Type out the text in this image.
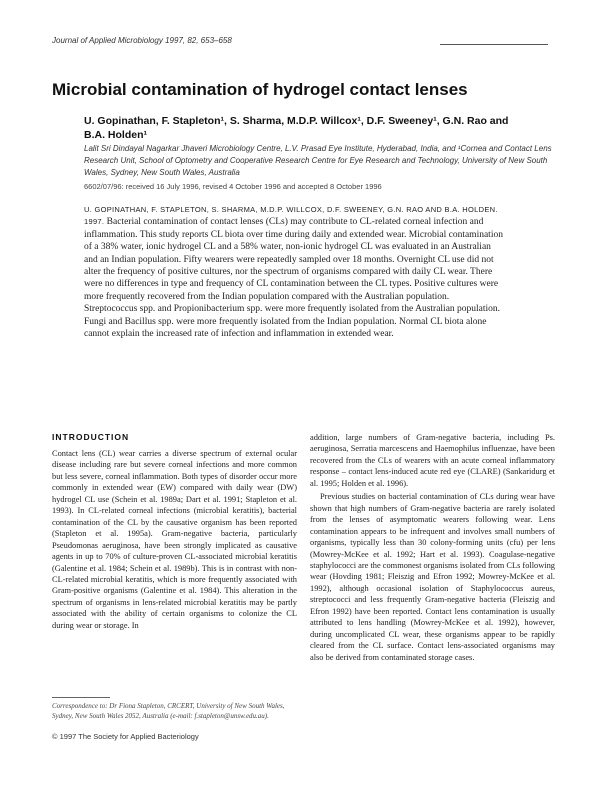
Journal of Applied Microbiology 1997, 82, 653–658
Microbial contamination of hydrogel contact lenses
U. Gopinathan, F. Stapleton¹, S. Sharma, M.D.P. Willcox¹, D.F. Sweeney¹, G.N. Rao and
B.A. Holden¹
Lalit Sri Dindayal Nagarkar Jhaveri Microbiology Centre, L.V. Prasad Eye Institute, Hyderabad, India, and ¹Cornea and Contact Lens Research Unit, School of Optometry and Cooperative Research Centre for Eye Research and Technology, University of New South Wales, Sydney, New South Wales, Australia
6602/07/96: received 16 July 1996, revised 4 October 1996 and accepted 8 October 1996

U. GOPINATHAN, F. STAPLETON, S. SHARMA, M.D.P. WILLCOX, D.F. SWEENEY, G.N. RAO AND B.A. HOLDEN. 1997. Bacterial contamination of contact lenses (CLs) may contribute to CL-related corneal infection and inflammation. This study reports CL biota over time during daily and extended wear. Microbial contamination of a 38% water, ionic hydrogel CL and a 58% water, non-ionic hydrogel CL was evaluated in an Australian and an Indian population. Fifty wearers were repeatedly sampled over 18 months. Overnight CL use did not alter the frequency of positive cultures, nor the spectrum of organisms compared with daily CL wear. There were no differences in type and frequency of CL contamination between the CL types. Positive cultures were more frequently recovered from the Indian population compared with the Australian population. Streptococcus spp. and Propionibacterium spp. were more frequently isolated from the Australian population. Fungi and Bacillus spp. were more frequently isolated from the Indian population. Normal CL biota alone cannot explain the increased rate of infection and inflammation in extended wear.

INTRODUCTION

Contact lens (CL) wear carries a diverse spectrum of external ocular disease including rare but severe corneal infections and more common but less severe, corneal inflammation. Both types of disorder occur more commonly in extended wear (EW) compared with daily wear (DW) hydrogel CL use (Schein et al. 1989a; Dart et al. 1991; Stapleton et al. 1993). In CL-related corneal infections (microbial keratitis), bacterial contamination of the CL by the causative organism has been reported (Stapleton et al. 1995a). Gram-negative bacteria, particularly Pseudomonas aeruginosa, have been strongly implicated as causative agents in up to 70% of culture-proven CL-associated microbial keratitis (Galentine et al. 1984; Schein et al. 1989b). This is in contrast with non-CL-related microbial keratitis, which is more frequently associated with Gram-positive organisms (Galentine et al. 1984). This alteration in the spectrum of organisms in lens-related microbial keratitis may be partly associated with the ability of certain organisms to colonize the CL during wear or storage. In

addition, large numbers of Gram-negative bacteria, including Ps. aeruginosa, Serratia marcescens and Haemophilus influenzae, have been recovered from the CLs of wearers with an acute corneal inflammatory response – contact lens-induced acute red eye (CLARE) (Sankaridurg et al. 1995; Holden et al. 1996).

Previous studies on bacterial contamination of CLs during wear have shown that high numbers of Gram-negative bacteria are rarely isolated from the lenses of asymptomatic wearers following wear. Lens contamination appears to be infrequent and involves small numbers of organisms, typically less than 30 colony-forming units (cfu) per lens (Mowrey-McKee et al. 1992; Hart et al. 1993). Coagulase-negative staphylococci are the commonest organisms isolated from CLs following wear (Hovding 1981; Fleiszig and Efron 1992; Mowrey-McKee et al. 1992), although occasional isolation of Staphylococcus aureus, streptococci and less frequently Gram-negative bacteria (Fleiszig and Efron 1992) have been reported. Contact lens contamination is usually attributed to lens handling (Mowrey-McKee et al. 1992), however, during uncomplicated CL wear, these organisms appear to be rapidly cleared from the CL surface. Contact lens-associated organisms may also be derived from contaminated storage cases.

Correspondence to: Dr Fiona Stapleton, CRCERT, University of New South Wales, Sydney, New South Wales 2052, Australia (e-mail: f.stapleton@unsw.edu.au).

© 1997 The Society for Applied Bacteriology
